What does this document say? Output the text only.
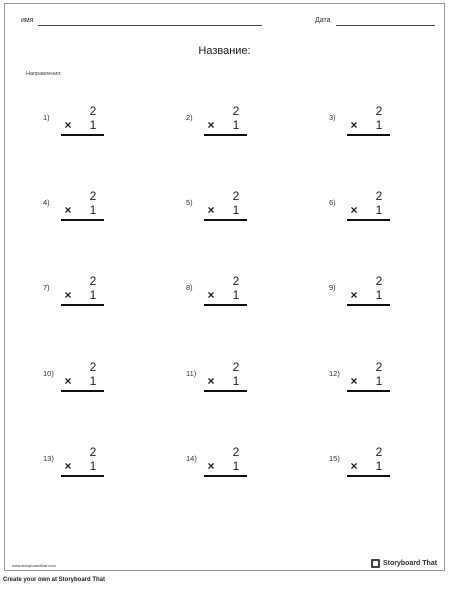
имя	Дата
Название:
Направления:
1)	2
× 1
2)	2
× 1
3)	2
× 1
4)	2
× 1
5)	2
× 1
6)	2
× 1
7)	2
× 1
8)	2
× 1
9)	2
× 1
10)	2
× 1
11)	2
× 1
12)	2
× 1
13)	2
× 1
14)	2
× 1
15)	2
× 1
www.storyboardthat.com	Storyboard That
Create your own at Storyboard That
